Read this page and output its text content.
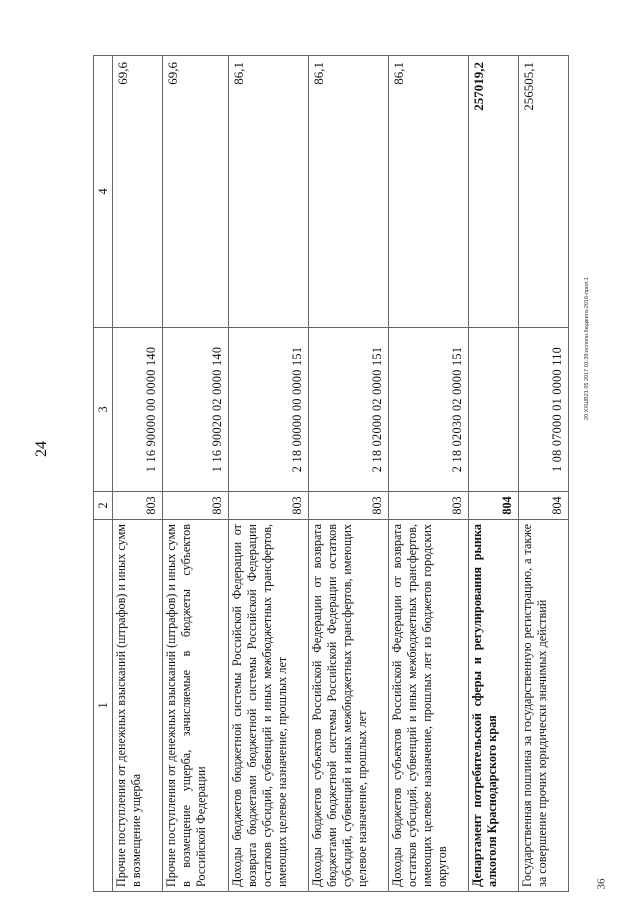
24
1	2	3	4
Прочие поступления от денежных взысканий (штрафов) и иных сумм в возмещение ущерба	803	1 16 90000 00 0000 140	69,6
Прочие поступления от денежных взысканий (штрафов) и иных сумм в возмещение ущерба, зачисляемые в бюджеты субъектов Российской Федерации	803	1 16 90020 02 0000 140	69,6
Доходы бюджетов бюджетной системы Российской Федерации от возврата бюджетами бюджетной системы Российской Федерации остатков субсидий, субвенций и иных межбюджетных трансфертов, имеющих целевое назначение, прошлых лет	803	2 18 00000 00 0000 151	86,1
Доходы бюджетов субъектов Российской Федерации от возврата бюджетами бюджетной системы Российской Федерации остатков субсидий, субвенций и иных межбюджетных трансфертов, имеющих целевое назначение, прошлых лет	803	2 18 02000 02 0000 151	86,1
Доходы бюджетов субъектов Российской Федерации от возврата остатков субсидий, субвенций и иных межбюджетных трансфертов, имеющих целевое назначение, прошлых лет из бюджетов городских округов	803	2 18 02030 02 0000 151	86,1
Департамент потребительской сферы и регулирования рынка алкоголя Краснодарского края	804		257019,2
Государственная пошлина за государственную регистрацию, а также за совершение прочих юридически значимых действий	804	1 08 07000 01 0000 110	256505,1
20 ХХШВ21 05 2017 01:39:исполн.бюджета-2016-прил.1
36
